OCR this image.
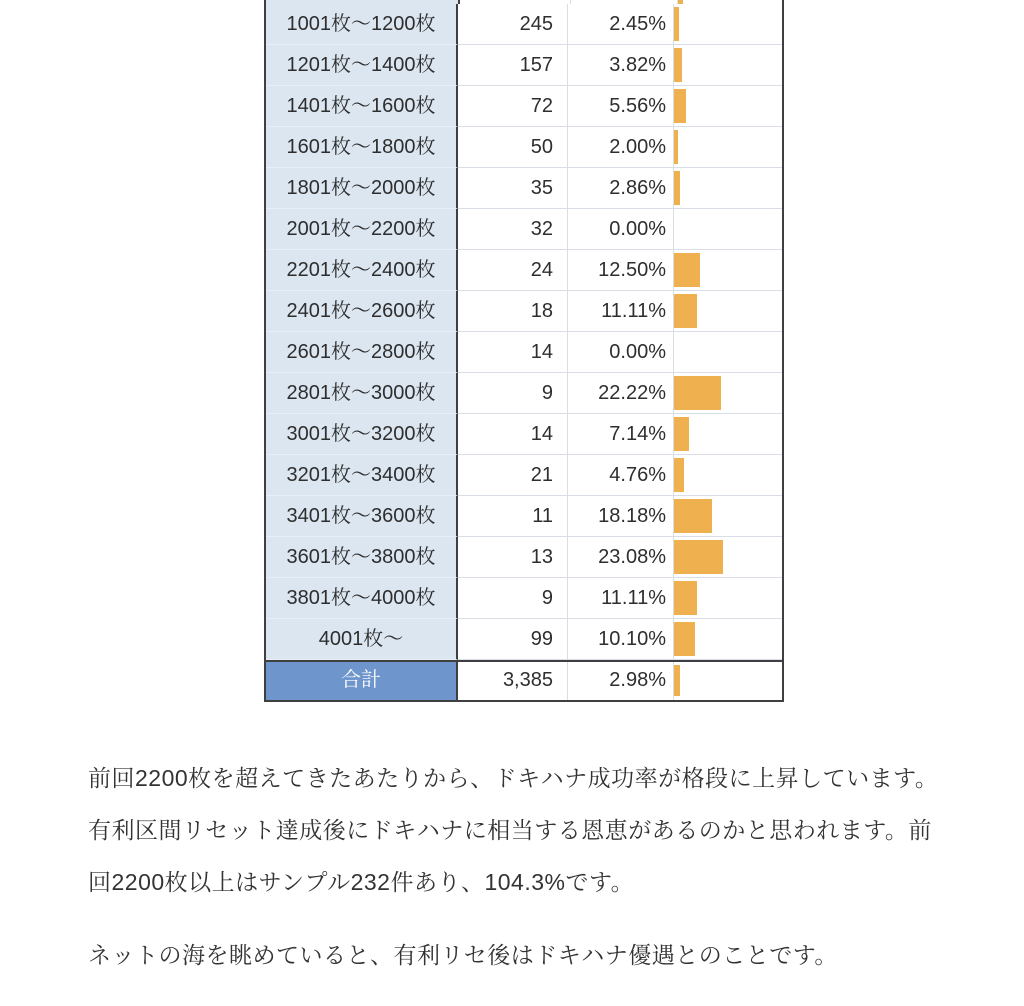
1001枚〜1200枚	245	2.45%
1201枚〜1400枚	157	3.82%
1401枚〜1600枚	72	5.56%
1601枚〜1800枚	50	2.00%
1801枚〜2000枚	35	2.86%
2001枚〜2200枚	32	0.00%
2201枚〜2400枚	24	12.50%
2401枚〜2600枚	18	11.11%
2601枚〜2800枚	14	0.00%
2801枚〜3000枚	9	22.22%
3001枚〜3200枚	14	7.14%
3201枚〜3400枚	21	4.76%
3401枚〜3600枚	11	18.18%
3601枚〜3800枚	13	23.08%
3801枚〜4000枚	9	11.11%
4001枚〜	99	10.10%
合計	3,385	2.98%

前回2200枚を超えてきたあたりから、ドキハナ成功率が格段に上昇しています。有利区間リセット達成後にドキハナに相当する恩恵があるのかと思われます。前回2200枚以上はサンプル232件あり、104.3%です。

ネットの海を眺めていると、有利リセ後はドキハナ優遇とのことです。
